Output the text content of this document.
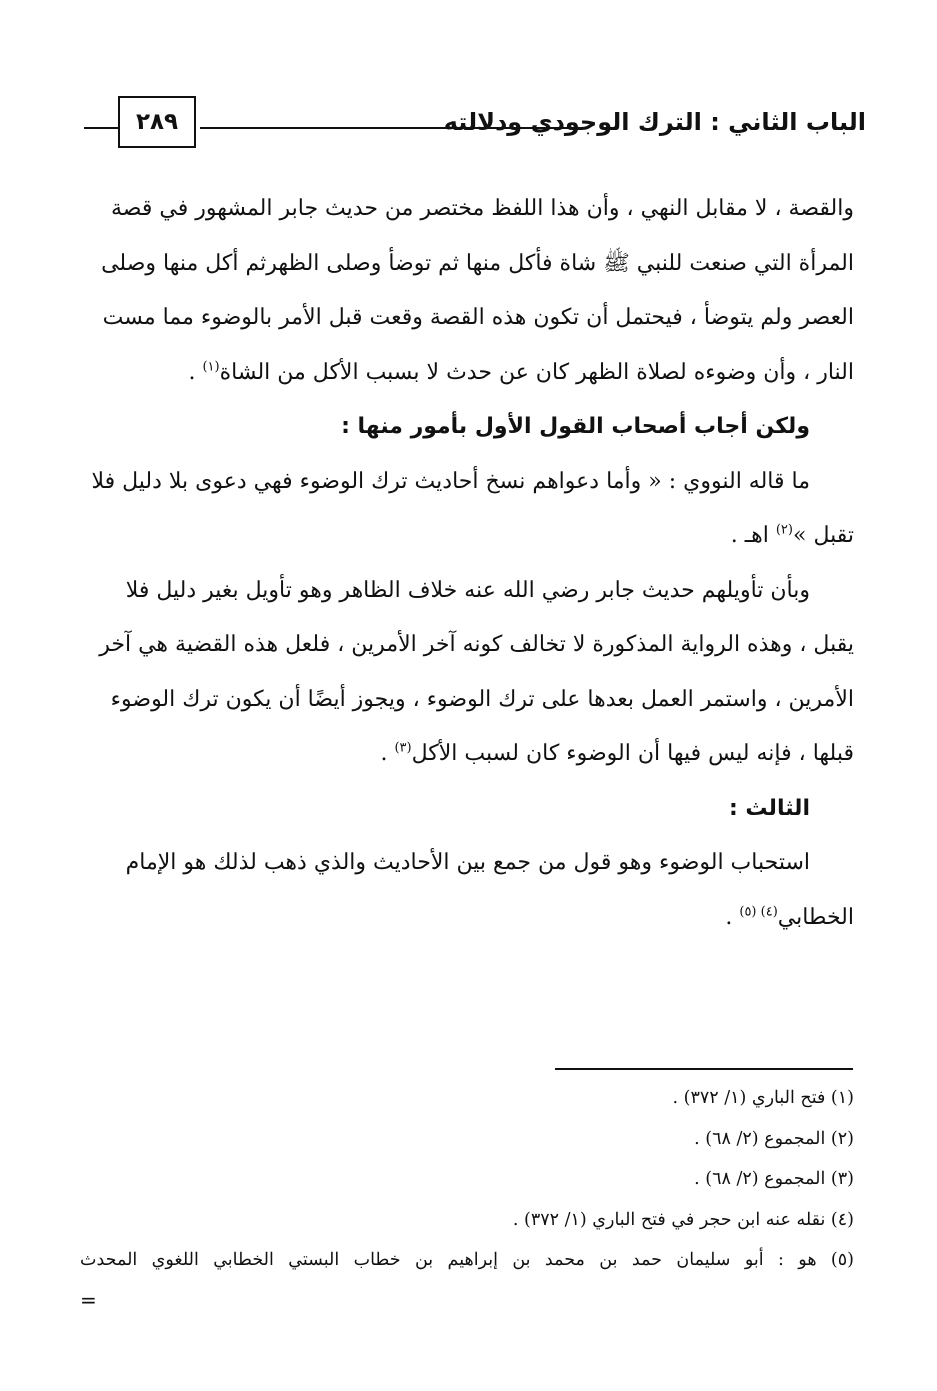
٢٨٩	الباب الثاني : الترك الوجودي ودلالته

والقصة ، لا مقابل النهي ، وأن هذا اللفظ مختصر من حديث جابر المشهور في قصة المرأة التي صنعت للنبي ﷺ شاة فأكل منها ثم توضأ وصلى الظهرثم أكل منها وصلى العصر ولم يتوضأ ، فيحتمل أن تكون هذه القصة وقعت قبل الأمر بالوضوء مما مست النار ، وأن وضوءه لصلاة الظهر كان عن حدث لا بسبب الأكل من الشاة$^{(١)}$ .

ولكن أجاب أصحاب القول الأول بأمور منها :

ما قاله النووي : « وأما دعواهم نسخ أحاديث ترك الوضوء فهي دعوى بلا دليل فلا تقبل »$^{(٢)}$ اهـ .

وبأن تأويلهم حديث جابر رضي الله عنه خلاف الظاهر وهو تأويل بغير دليل فلا يقبل ، وهذه الرواية المذكورة لا تخالف كونه آخر الأمرين ، فلعل هذه القضية هي آخر الأمرين ، واستمر العمل بعدها على ترك الوضوء ، ويجوز أيضًا أن يكون ترك الوضوء قبلها ، فإنه ليس فيها أن الوضوء كان لسبب الأكل$^{(٣)}$ .

الثالث :

استحباب الوضوء وهو قول من جمع بين الأحاديث والذي ذهب لذلك هو الإمام الخطابي$^{(٤) (٥)}$ .

(١) فتح الباري (١/ ٣٧٢) .

(٢) المجموع (٢/ ٦٨) .

(٣) المجموع (٢/ ٦٨) .

(٤) نقله عنه ابن حجر في فتح الباري (١/ ٣٧٢) .

(٥) هو : أبو سليمان حمد بن محمد بن إبراهيم بن خطاب البستي الخطابي اللغوي المحدث

=
